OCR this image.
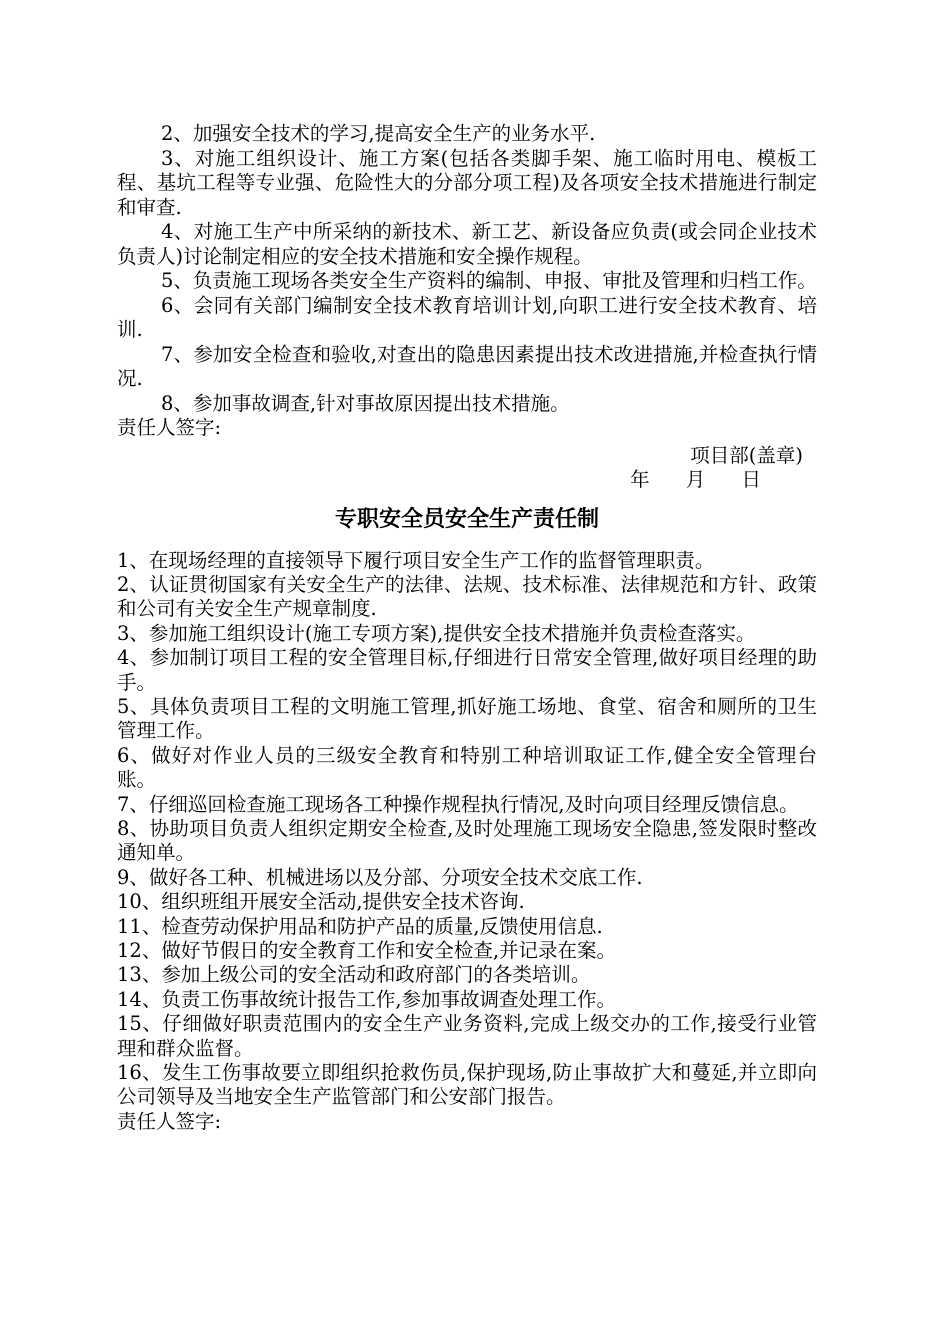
2、加强安全技术的学习,提高安全生产的业务水平.

3、对施工组织设计、施工方案(包括各类脚手架、施工临时用电、模板工程、基坑工程等专业强、危险性大的分部分项工程)及各项安全技术措施进行制定和审查.

4、对施工生产中所采纳的新技术、新工艺、新设备应负责(或会同企业技术负责人)讨论制定相应的安全技术措施和安全操作规程。

5、负责施工现场各类安全生产资料的编制、申报、审批及管理和归档工作。

6、会同有关部门编制安全技术教育培训计划,向职工进行安全技术教育、培训.

7、参加安全检查和验收,对查出的隐患因素提出技术改进措施,并检查执行情况.

8、参加事故调查,针对事故原因提出技术措施。

责任人签字:

项目部(盖章)

年 月 日

专职安全员安全生产责任制

1、在现场经理的直接领导下履行项目安全生产工作的监督管理职责。

2、认证贯彻国家有关安全生产的法律、法规、技术标准、法律规范和方针、政策和公司有关安全生产规章制度.

3、参加施工组织设计(施工专项方案),提供安全技术措施并负责检查落实。

4、参加制订项目工程的安全管理目标,仔细进行日常安全管理,做好项目经理的助手。

5、具体负责项目工程的文明施工管理,抓好施工场地、食堂、宿舍和厕所的卫生管理工作。

6、做好对作业人员的三级安全教育和特别工种培训取证工作,健全安全管理台账。

7、仔细巡回检查施工现场各工种操作规程执行情况,及时向项目经理反馈信息。

8、协助项目负责人组织定期安全检查,及时处理施工现场安全隐患,签发限时整改通知单。

9、做好各工种、机械进场以及分部、分项安全技术交底工作.

10、组织班组开展安全活动,提供安全技术咨询.

11、检查劳动保护用品和防护产品的质量,反馈使用信息.

12、做好节假日的安全教育工作和安全检查,并记录在案。

13、参加上级公司的安全活动和政府部门的各类培训。

14、负责工伤事故统计报告工作,参加事故调查处理工作。

15、仔细做好职责范围内的安全生产业务资料,完成上级交办的工作,接受行业管理和群众监督。

16、发生工伤事故要立即组织抢救伤员,保护现场,防止事故扩大和蔓延,并立即向公司领导及当地安全生产监管部门和公安部门报告。

责任人签字:
